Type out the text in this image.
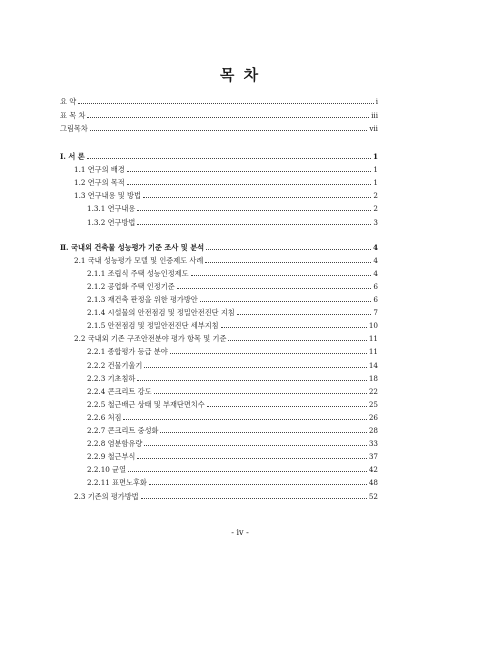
목 차
요 약	i
표 목 차	iii
그림목차	vii
Ⅰ. 서 론	1
1.1 연구의 배경	1
1.2 연구의 목적	1
1.3 연구내용 및 방법	2
1.3.1 연구내용	2
1.3.2 연구방법	3
Ⅱ. 국내외 건축물 성능평가 기준 조사 및 분석	4
2.1 국내 성능평가 모델 및 인증제도 사례	4
2.1.1 조립식 주택 성능인정제도	4
2.1.2 공업화 주택 인정기준	6
2.1.3 재건축 판정을 위한 평가방안	6
2.1.4 시설물의 안전점검 및 정밀안전진단 지침	7
2.1.5 안전점검 및 정밀안전진단 세부지침	10
2.2 국내외 기존 구조안전분야 평가 항목 및 기준	11
2.2.1 종합평가 등급 분야	11
2.2.2 건물기울기	14
2.2.3 기초침하	18
2.2.4 콘크리트 강도	22
2.2.5 철근배근 상태 및 부재단면치수	25
2.2.6 처짐	26
2.2.7 콘크리트 중성화	28
2.2.8 염분함유량	33
2.2.9 철근부식	37
2.2.10 균열	42
2.2.11 표면노후화	48
2.3 기존의 평가방법	52
- iv -
